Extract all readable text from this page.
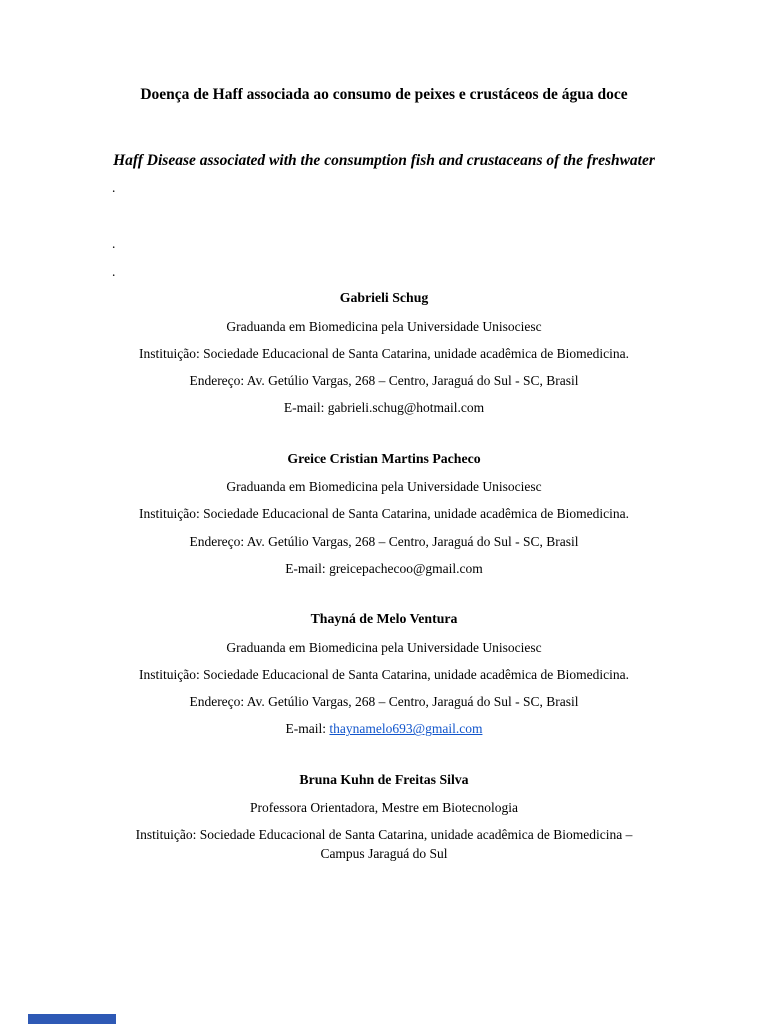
Doença de Haff associada ao consumo de peixes e crustáceos de água doce
Haff Disease associated with the consumption fish and crustaceans of the freshwater
.
.
.
Gabrieli Schug
Graduanda em Biomedicina pela Universidade Unisociesc
Instituição: Sociedade Educacional de Santa Catarina, unidade acadêmica de Biomedicina.
Endereço: Av. Getúlio Vargas, 268 – Centro, Jaraguá do Sul - SC, Brasil
E-mail: gabrieli.schug@hotmail.com
Greice Cristian Martins Pacheco
Graduanda em Biomedicina pela Universidade Unisociesc
Instituição: Sociedade Educacional de Santa Catarina, unidade acadêmica de Biomedicina.
Endereço: Av. Getúlio Vargas, 268 – Centro, Jaraguá do Sul - SC, Brasil
E-mail: greicepachecoo@gmail.com
Thayná de Melo Ventura
Graduanda em Biomedicina pela Universidade Unisociesc
Instituição: Sociedade Educacional de Santa Catarina, unidade acadêmica de Biomedicina.
Endereço: Av. Getúlio Vargas, 268 – Centro, Jaraguá do Sul - SC, Brasil
E-mail: thaynamelo693@gmail.com
Bruna Kuhn de Freitas Silva
Professora Orientadora, Mestre em Biotecnologia
Instituição: Sociedade Educacional de Santa Catarina, unidade acadêmica de Biomedicina – Campus Jaraguá do Sul
